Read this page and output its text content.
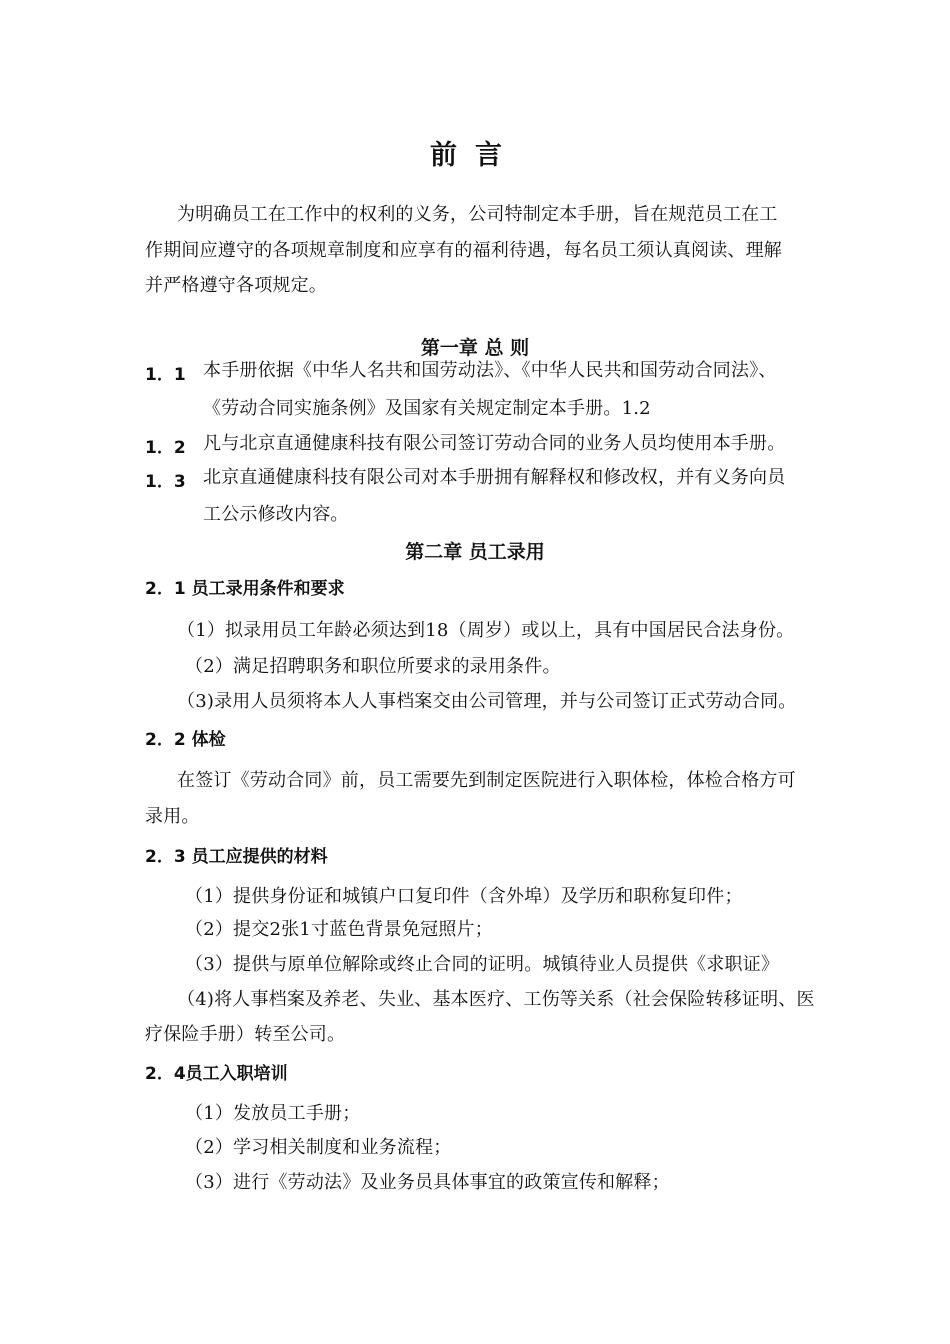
前言
为明确员工在工作中的权利的义务，公司特制定本手册，旨在规范员工在工
作期间应遵守的各项规章制度和应享有的福利待遇，每名员工须认真阅读、理解
并严格遵守各项规定。
第一章 总 则
1．1 本手册依据《中华人名共和国劳动法》、《中华人民共和国劳动合同法》、
《劳动合同实施条例》及国家有关规定制定本手册。1.2
1．2 凡与北京直通健康科技有限公司签订劳动合同的业务人员均使用本手册。
1．3 北京直通健康科技有限公司对本手册拥有解释权和修改权，并有义务向员
工公示修改内容。
第二章 员工录用
2．1 员工录用条件和要求
（1）拟录用员工年龄必须达到18（周岁）或以上，具有中国居民合法身份。
（2）满足招聘职务和职位所要求的录用条件。
（3)录用人员须将本人人事档案交由公司管理，并与公司签订正式劳动合同。
2．2 体检
在签订《劳动合同》前，员工需要先到制定医院进行入职体检，体检合格方可
录用。
2．3 员工应提供的材料
（1）提供身份证和城镇户口复印件（含外埠）及学历和职称复印件；
（2）提交2张1寸蓝色背景免冠照片；
（3）提供与原单位解除或终止合同的证明。城镇待业人员提供《求职证》
（4)将人事档案及养老、失业、基本医疗、工伤等关系（社会保险转移证明、医
疗保险手册）转至公司。
2．4员工入职培训
（1）发放员工手册；
（2）学习相关制度和业务流程；
（3）进行《劳动法》及业务员具体事宜的政策宣传和解释；
